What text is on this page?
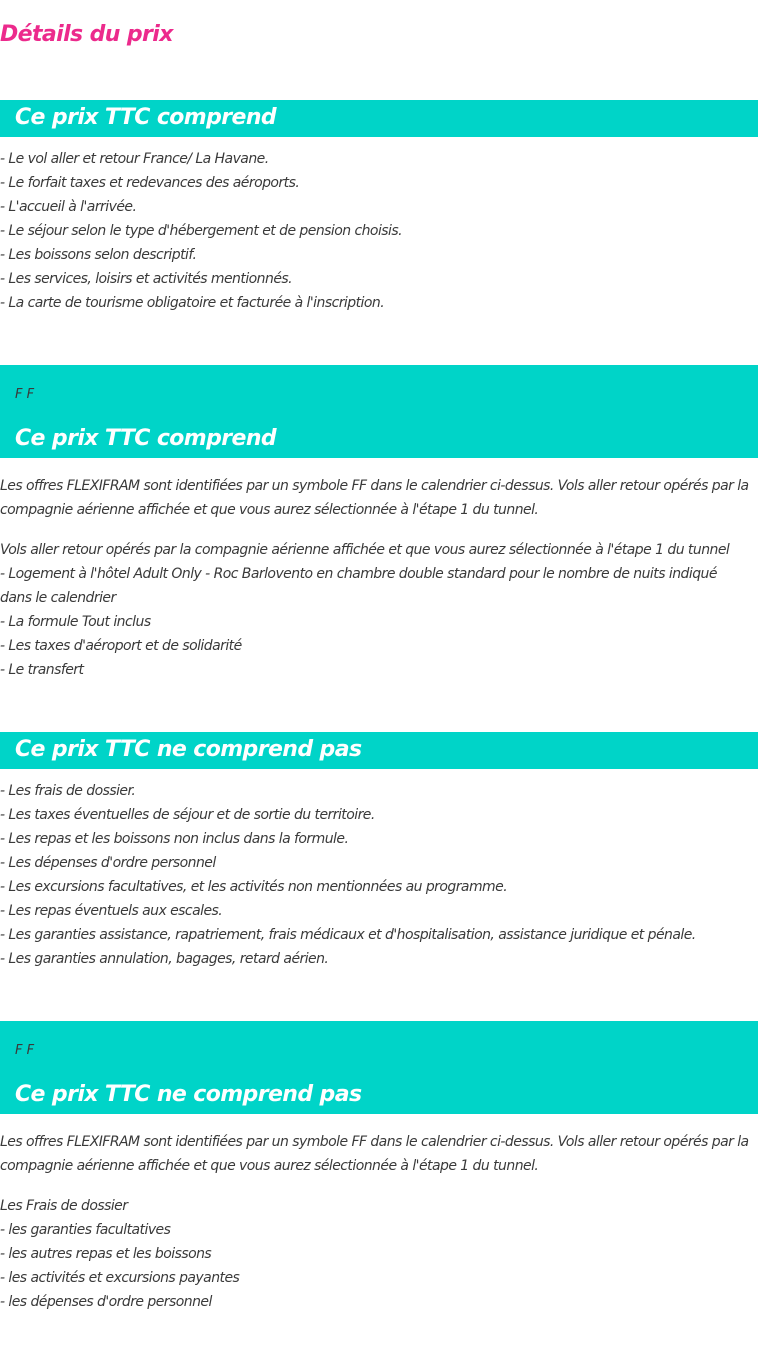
Détails du prix
Ce prix TTC comprend
- Le vol aller et retour France/ La Havane.
- Le forfait taxes et redevances des aéroports.
- L'accueil à l'arrivée.
- Le séjour selon le type d'hébergement et de pension choisis.
- Les boissons selon descriptif.
- Les services, loisirs et activités mentionnés.
- La carte de tourisme obligatoire et facturée à l'inscription.
F F
Ce prix TTC comprend
Les offres FLEXIFRAM sont identifiées par un symbole FF dans le calendrier ci-dessus. Vols aller retour opérés par la compagnie aérienne affichée et que vous aurez sélectionnée à l'étape 1 du tunnel.
Vols aller retour opérés par la compagnie aérienne affichée et que vous aurez sélectionnée à l'étape 1 du tunnel
- Logement à l'hôtel Adult Only - Roc Barlovento en chambre double standard pour le nombre de nuits indiqué dans le calendrier
- La formule Tout inclus
- Les taxes d'aéroport et de solidarité
- Le transfert
Ce prix TTC ne comprend pas
- Les frais de dossier.
- Les taxes éventuelles de séjour et de sortie du territoire.
- Les repas et les boissons non inclus dans la formule.
- Les dépenses d'ordre personnel
- Les excursions facultatives, et les activités non mentionnées au programme.
- Les repas éventuels aux escales.
- Les garanties assistance, rapatriement, frais médicaux et d'hospitalisation, assistance juridique et pénale.
- Les garanties annulation, bagages, retard aérien.
F F
Ce prix TTC ne comprend pas
Les offres FLEXIFRAM sont identifiées par un symbole FF dans le calendrier ci-dessus. Vols aller retour opérés par la compagnie aérienne affichée et que vous aurez sélectionnée à l'étape 1 du tunnel.
Les Frais de dossier
- les garanties facultatives
- les autres repas et les boissons
- les activités et excursions payantes
- les dépenses d'ordre personnel
